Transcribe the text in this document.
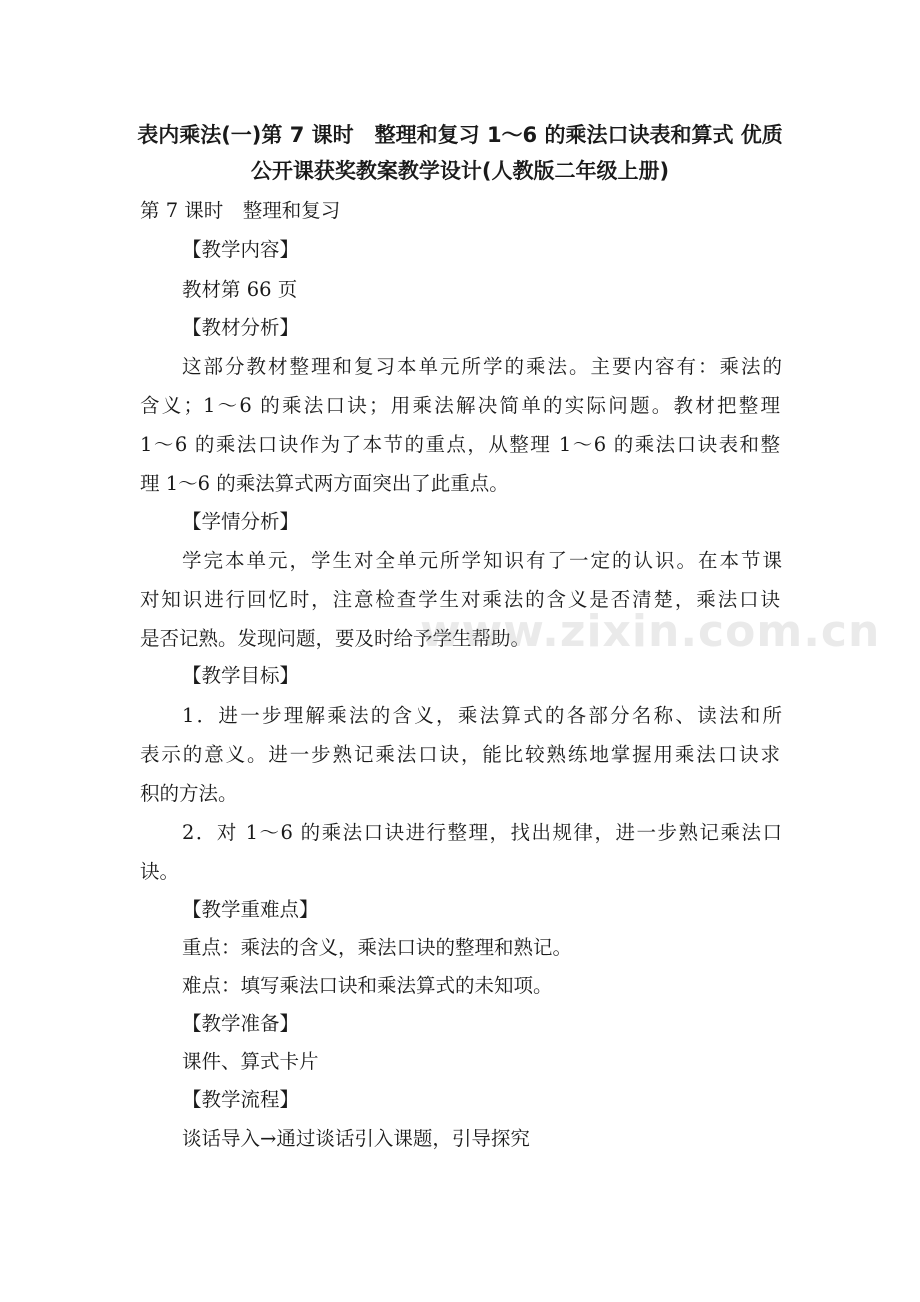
表内乘法(一)第 7 课时　整理和复习 1～6 的乘法口诀表和算式 优质
公开课获奖教案教学设计(人教版二年级上册)
第 7 课时　整理和复习
【教学内容】
教材第 66 页
【教材分析】
这部分教材整理和复习本单元所学的乘法。主要内容有：乘法的
含义；1～6 的乘法口诀；用乘法解决简单的实际问题。教材把整理
1～6 的乘法口诀作为了本节的重点，从整理 1～6 的乘法口诀表和整
理 1～6 的乘法算式两方面突出了此重点。
【学情分析】
学完本单元，学生对全单元所学知识有了一定的认识。在本节课
对知识进行回忆时，注意检查学生对乘法的含义是否清楚，乘法口诀
是否记熟。发现问题，要及时给予学生帮助。
【教学目标】
1．进一步理解乘法的含义，乘法算式的各部分名称、读法和所
表示的意义。进一步熟记乘法口诀，能比较熟练地掌握用乘法口诀求
积的方法。
2．对 1～6 的乘法口诀进行整理，找出规律，进一步熟记乘法口
诀。
【教学重难点】
重点：乘法的含义，乘法口诀的整理和熟记。
难点：填写乘法口诀和乘法算式的未知项。
【教学准备】
课件、算式卡片
【教学流程】
谈话导入→通过谈话引入课题，引导探究
www.zixin.com.cn
